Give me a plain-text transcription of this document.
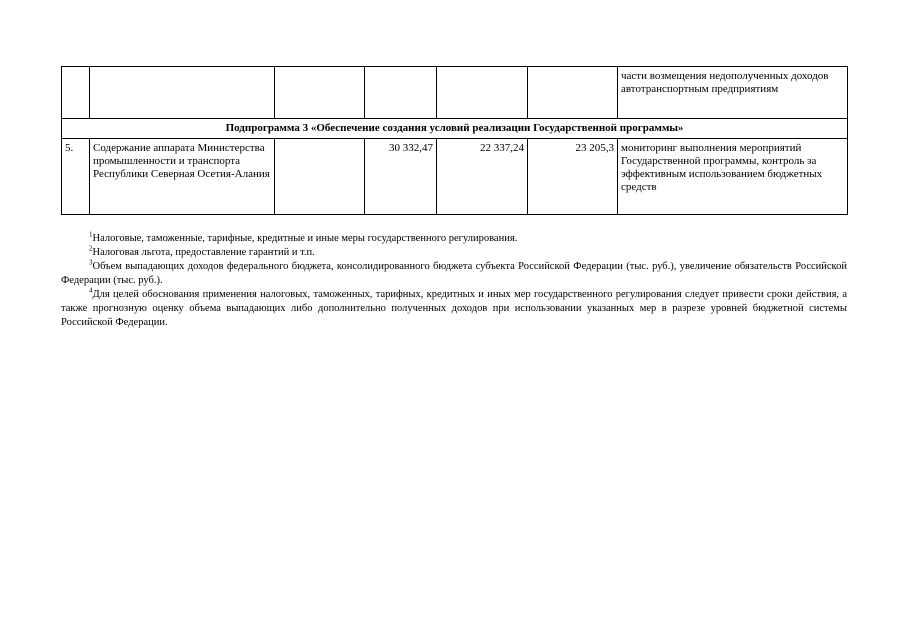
						части возмещения недополученных доходов автотранспортным предприятиям
Подпрограмма 3 «Обеспечение создания условий реализации Государственной программы»						
5.	Содержание аппарата Министерства промышленности и транспорта Республики Северная Осетия-Алания		30 332,47	22 337,24	23 205,3	мониторинг выполнения мероприятий Государственной программы, контроль за эффективным использованием бюджетных средств
$^1$Налоговые, таможенные, тарифные, кредитные и иные меры государственного регулирования.
$^2$Налоговая льгота, предоставление гарантий и т.п.
$^3$Объем выпадающих доходов федерального бюджета, консолидированного бюджета субъекта Российской Федерации (тыс. руб.), увеличение обязательств Российской Федерации (тыс. руб.).
$^4$Для целей обоснования применения налоговых, таможенных, тарифных, кредитных и иных мер государственного регулирования следует привести сроки действия, а также прогнозную оценку объема выпадающих либо дополнительно полученных доходов при использовании указанных мер в разрезе уровней бюджетной системы Российской Федерации.
